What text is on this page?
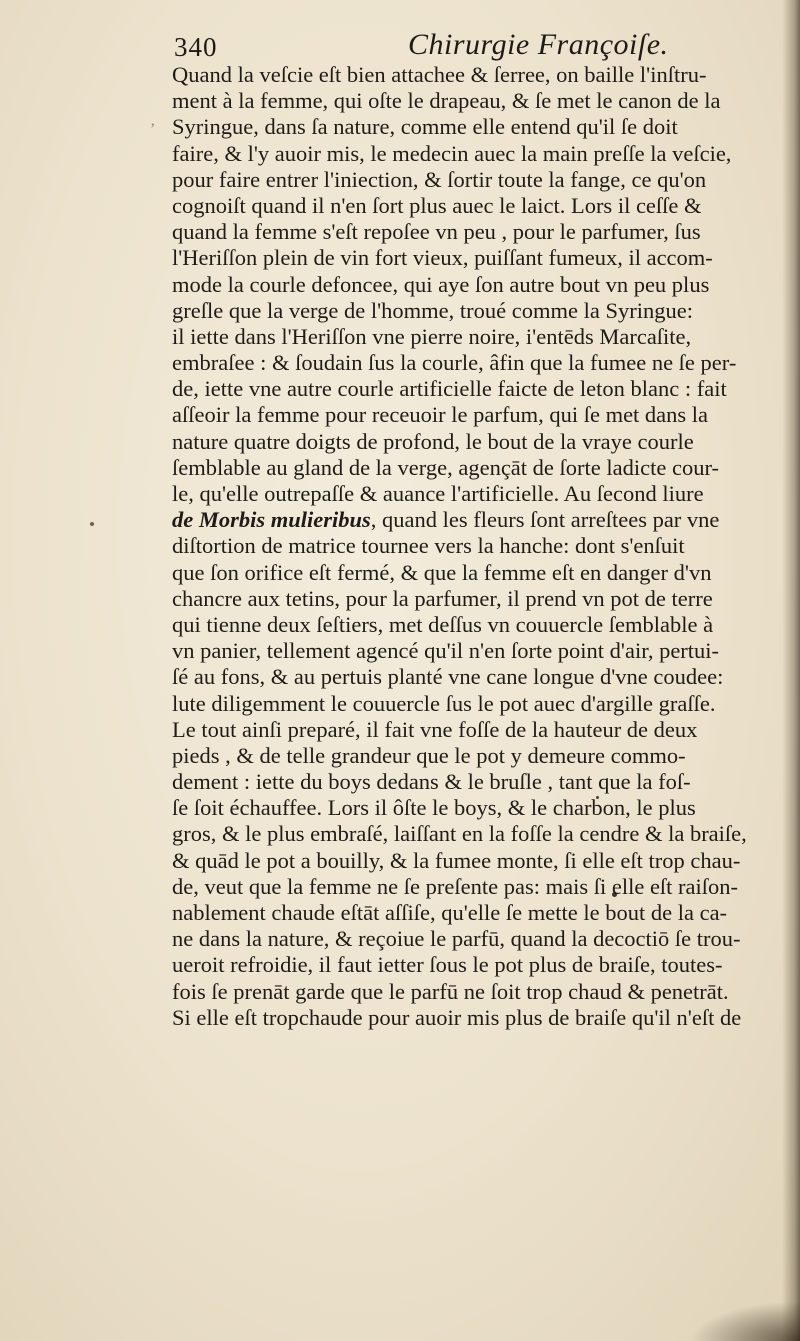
340	Chirurgie Françoiſe.
‚
Quand la veſcie eſt bien attachee & ſerree, on baille l'inſtru-
ment à la femme, qui oſte le drapeau, & ſe met le canon de la
Syringue, dans ſa nature, comme elle entend qu'il ſe doit
faire, & l'y auoir mis, le medecin auec la main preſſe la veſcie,
pour faire entrer l'iniection, & ſortir toute la fange, ce qu'on
cognoiſt quand il n'en ſort plus auec le laict. Lors il ceſſe &
quand la femme s'eſt repoſee vn peu , pour le parfumer, ſus
l'Heriſſon plein de vin fort vieux, puiſſant fumeux, il accom-
mode la courle defoncee, qui aye ſon autre bout vn peu plus
greſle que la verge de l'homme, troué comme la Syringue:
il iette dans l'Heriſſon vne pierre noire, i'entēds Marcaſite,
embraſee : & ſoudain ſus la courle, âfin que la fumee ne ſe per-
de, iette vne autre courle artificielle faicte de leton blanc : fait
aſſeoir la femme pour receuoir le parfum, qui ſe met dans la
nature quatre doigts de profond, le bout de la vraye courle
ſemblable au gland de la verge, agençāt de ſorte ladicte cour-
le, qu'elle outrepaſſe & auance l'artificielle. Au ſecond liure
de Morbis mulieribus, quand les fleurs ſont arreſtees par vne
diſtortion de matrice tournee vers la hanche: dont s'enſuit
que ſon orifice eſt fermé, & que la femme eſt en danger d'vn
chancre aux tetins, pour la parfumer, il prend vn pot de terre
qui tienne deux ſeſtiers, met deſſus vn couuercle ſemblable à
vn panier, tellement agencé qu'il n'en ſorte point d'air, pertui-
ſé au fons, & au pertuis planté vne cane longue d'vne coudee:
lute diligemment le couuercle ſus le pot auec d'argille graſſe.
Le tout ainſi preparé, il fait vne foſſe de la hauteur de deux
pieds , & de telle grandeur que le pot y demeure commo-
dement : iette du boys dedans & le bruſle , tant que la foſ-
ſe ſoit échauffee. Lors il ôſte le boys, & le charbon, le plus
gros, & le plus embraſé, laiſſant en la foſſe la cendre & la braiſe,
& quād le pot a bouilly, & la fumee monte, ſi elle eſt trop chau-
de, veut que la femme ne ſe preſente pas: mais ſi elle eſt raiſon-
nablement chaude eſtāt aſſiſe, qu'elle ſe mette le bout de la ca-
ne dans la nature, & reçoiue le parfū, quand la decoctiō ſe trou-
ueroit refroidie, il faut ietter ſous le pot plus de braiſe, toutes-
fois ſe prenāt garde que le parfū ne ſoit trop chaud & penetrāt.
Si elle eſt tropchaude pour auoir mis plus de braiſe qu'il n'eſt de
